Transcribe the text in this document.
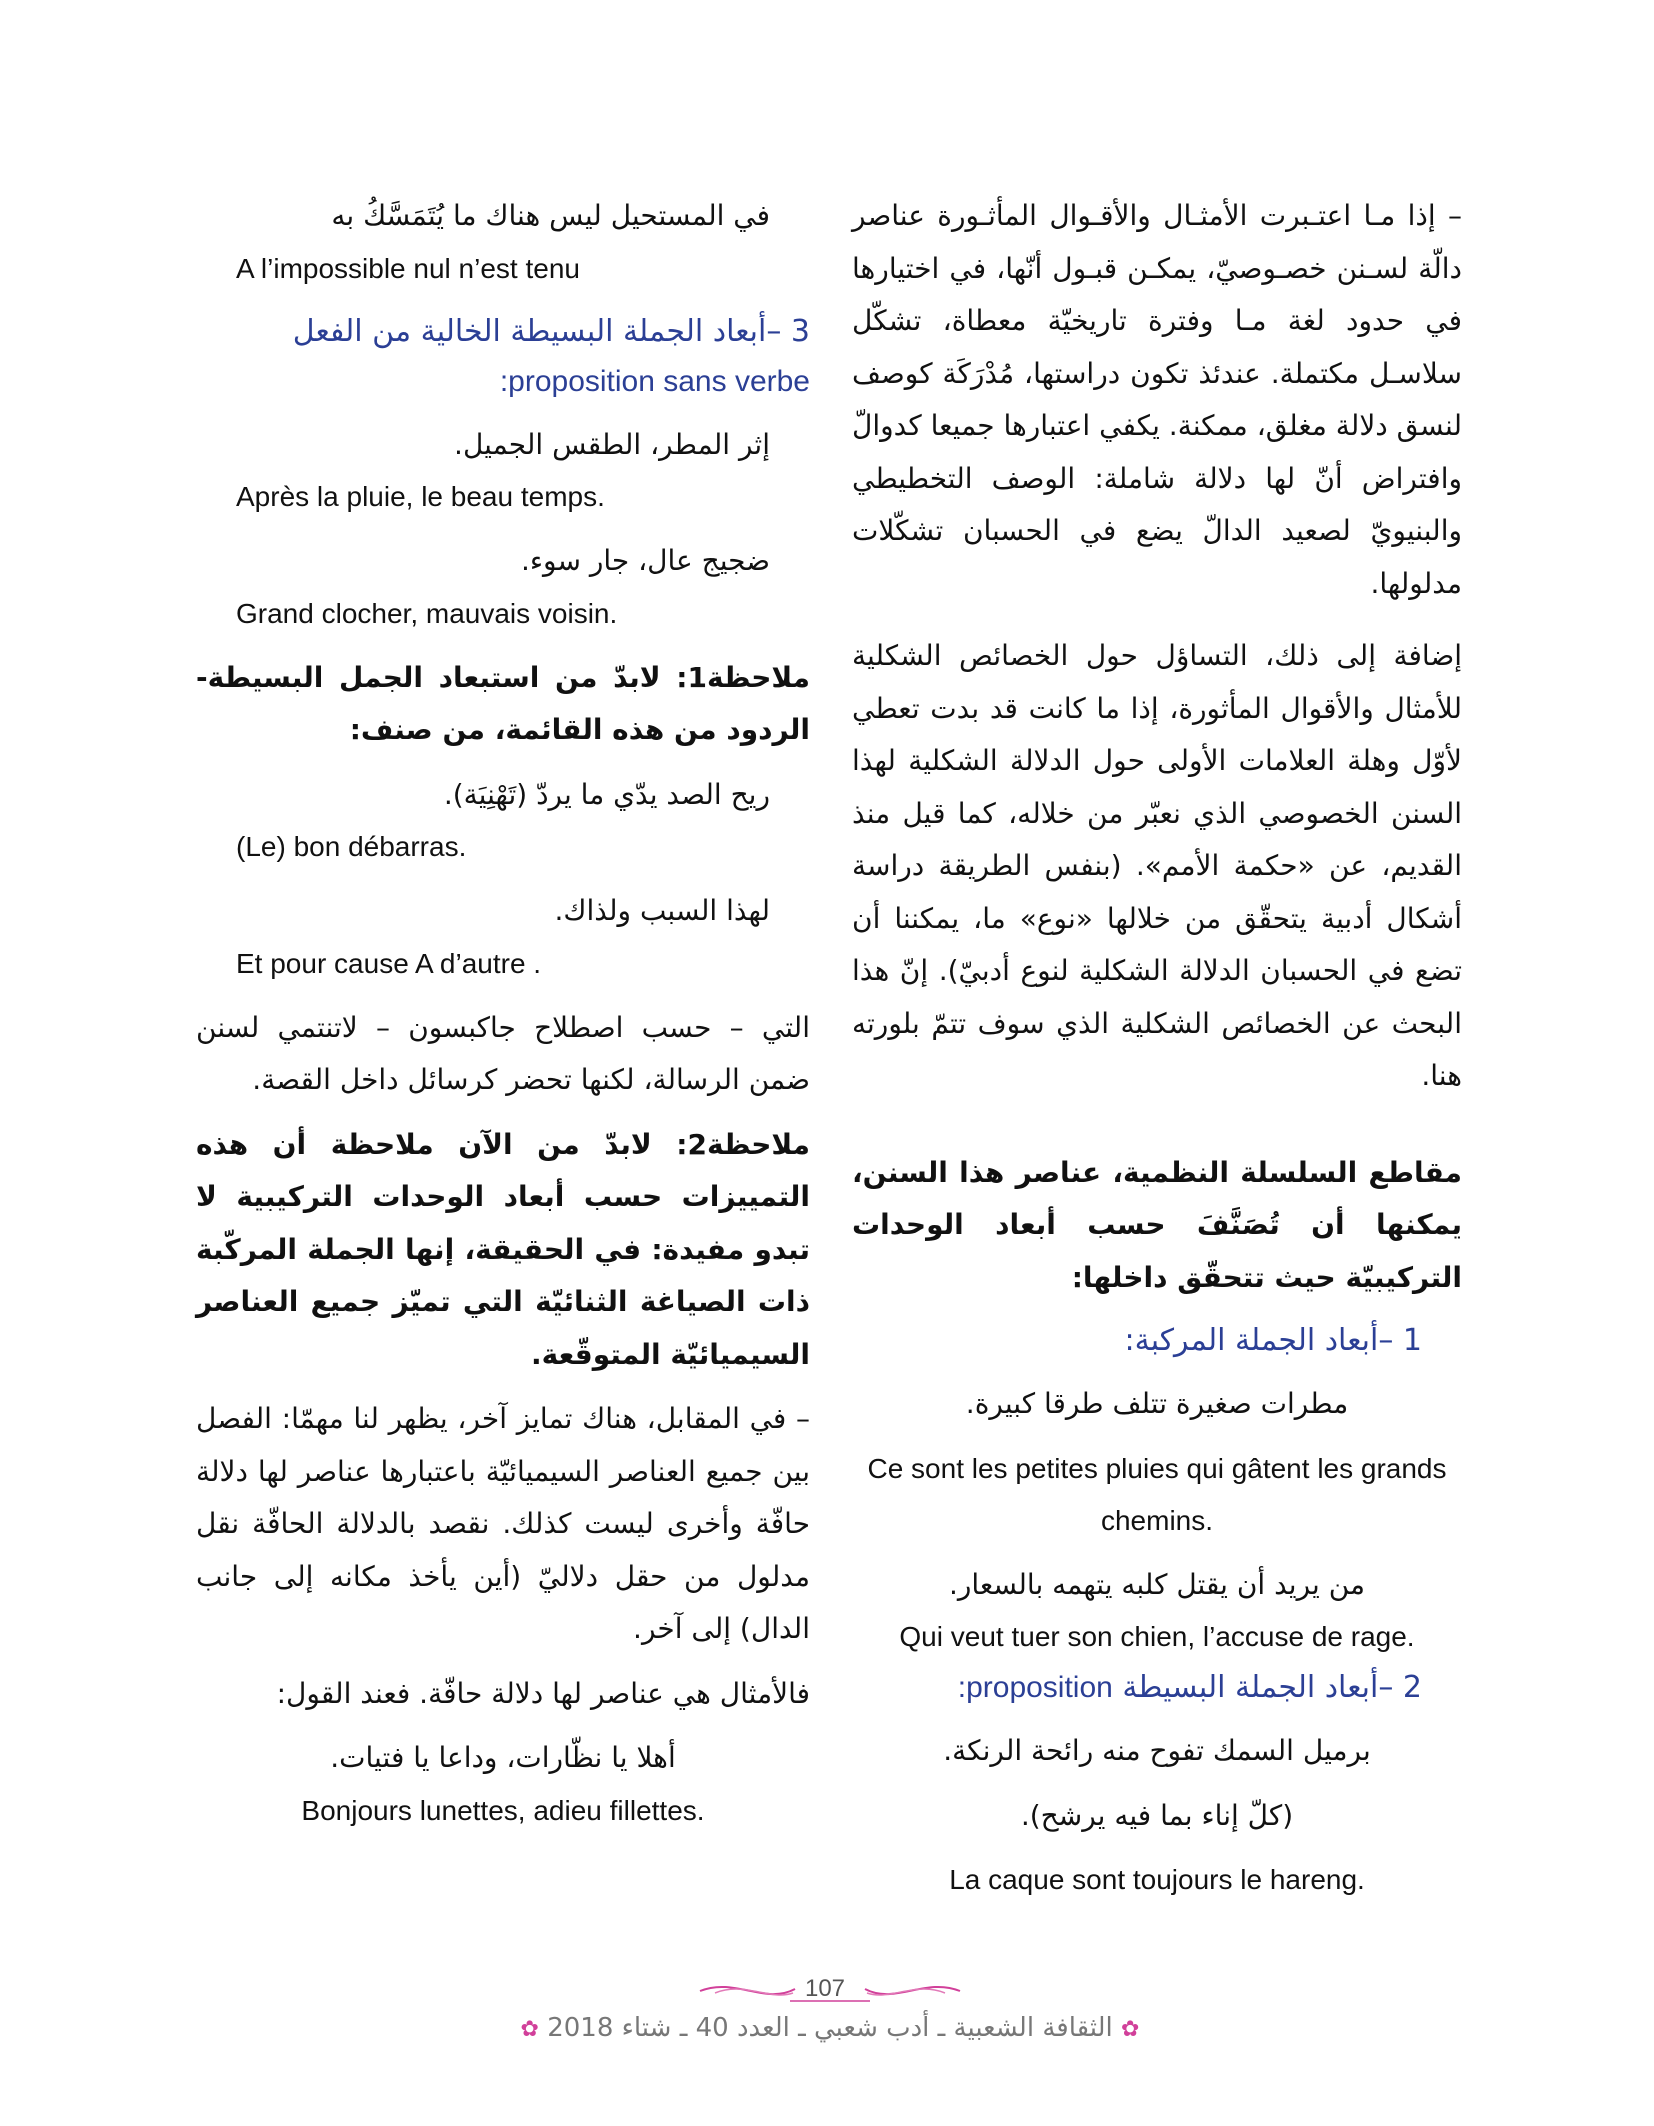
– إذا مـا اعتـبرت الأمثـال والأقـوال المأثـورة عناصر دالّة لسـنن خصـوصيّ، يمكـن قبـول أنّها، في اختيارها في حدود لغة مـا وفترة تاريخيّة معطاة، تشكّل سلاسـل مكتملة. عندئذ تكون دراستها، مُدْرَكَة كوصف لنسق دلالة مغلق، ممكنة. يكفي اعتبارها جميعا كدوالّ وافتراض أنّ لها دلالة شاملة: الوصف التخطيطي والبنيويّ لصعيد الدالّ يضع في الحسبان تشكّلات مدلولها.

إضافة إلى ذلك، التساؤل حول الخصائص الشكلية للأمثال والأقوال المأثورة، إذا ما كانت قد بدت تعطي لأوّل وهلة العلامات الأولى حول الدلالة الشكلية لهذا السنن الخصوصي الذي نعبّر من خلاله، كما قيل منذ القديم، عن «حكمة الأمم». (بنفس الطريقة دراسة أشكال أدبية يتحقّق من خلالها «نوع» ما، يمكننا أن تضع في الحسبان الدلالة الشكلية لنوع أدبيّ). إنّ هذا البحث عن الخصائص الشكلية الذي سوف تتمّ بلورته هنا.

مقاطع السلسلة النظمية، عناصر هذا السنن، يمكنها أن تُصَنَّفَ حسب أبعاد الوحدات التركيبيّة حيث تتحقّق داخلها:

1 –أبعاد الجملة المركبة:

مطرات صغيرة تتلف طرقا كبيرة.

Ce sont les petites pluies qui gâtent les grands chemins.

من يريد أن يقتل كلبه يتهمه بالسعار.

Qui veut tuer son chien, l’accuse de rage.

2 –أبعاد الجملة البسيطة proposition:

برميل السمك تفوح منه رائحة الرنكة.

(كلّ إناء بما فيه يرشح).

La caque sont toujours le hareng.

في المستحيل ليس هناك ما يُتَمَسَّكُ به

A l’impossible nul n’est tenu

3 –أبعاد الجملة البسيطة الخالية من الفعل

:proposition sans verbe

إثر المطر، الطقس الجميل.

Après la pluie, le beau temps.

ضجيج عال، جار سوء.

Grand clocher, mauvais voisin.

ملاحظة1: لابدّ من استبعاد الجمل البسيطة- الردود من هذه القائمة، من صنف:

ريح الصد يدّي ما يردّ (تَهْنِيَة).

(Le) bon débarras.

لهذا السبب ولذاك.

Et pour cause A d’autre .

التي – حسب اصطلاح جاكبسون – لاتنتمي لسنن ضمن الرسالة، لكنها تحضر كرسائل داخل القصة.

ملاحظة2: لابدّ من الآن ملاحظة أن هذه التمييزات حسب أبعاد الوحدات التركيبية لا تبدو مفيدة: في الحقيقة، إنها الجملة المركّبة ذات الصياغة الثنائيّة التي تميّز جميع العناصر السيميائيّة المتوقّعة.

– في المقابل، هناك تمايز آخر، يظهر لنا مهمّا: الفصل بين جميع العناصر السيميائيّة باعتبارها عناصر لها دلالة حافّة وأخرى ليست كذلك. نقصد بالدلالة الحافّة نقل مدلول من حقل دلاليّ (أين يأخذ مكانه إلى جانب الدال) إلى آخر.

فالأمثال هي عناصر لها دلالة حافّة. فعند القول:

أهلا يا نظّارات، وداعا يا فتيات.

Bonjours lunettes, adieu fillettes.

107
✿ الثقافة الشعبية ـ أدب شعبي ـ العدد 40 ـ شتاء 2018 ✿
